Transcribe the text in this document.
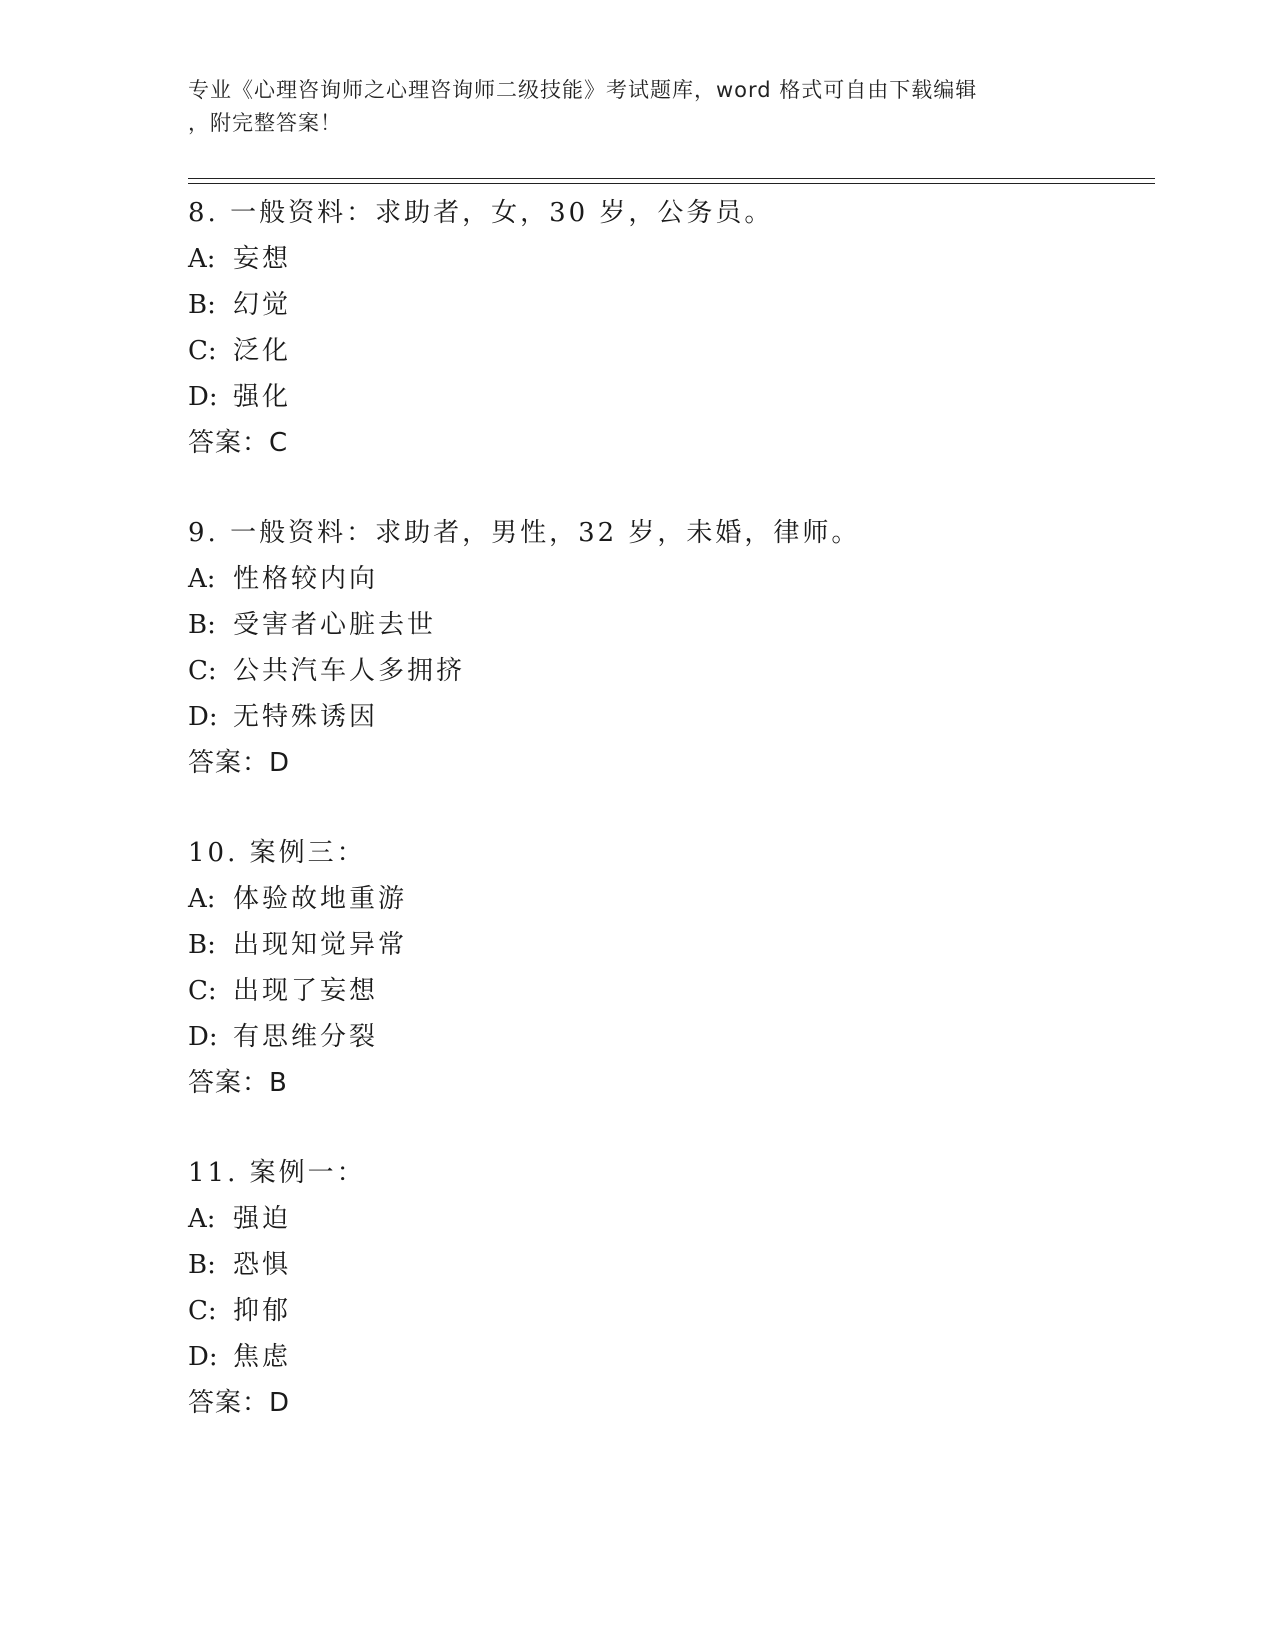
专业《心理咨询师之心理咨询师二级技能》考试题库，word 格式可自由下载编辑
，附完整答案！
8. 一般资料：求助者，女，30 岁，公务员。
A: 妄想
B: 幻觉
C: 泛化
D: 强化
答案：C
9. 一般资料：求助者，男性，32 岁，未婚，律师。
A: 性格较内向
B: 受害者心脏去世
C: 公共汽车人多拥挤
D: 无特殊诱因
答案：D
10. 案例三：
A: 体验故地重游
B: 出现知觉异常
C: 出现了妄想
D: 有思维分裂
答案：B
11. 案例一：
A: 强迫
B: 恐惧
C: 抑郁
D: 焦虑
答案：D
